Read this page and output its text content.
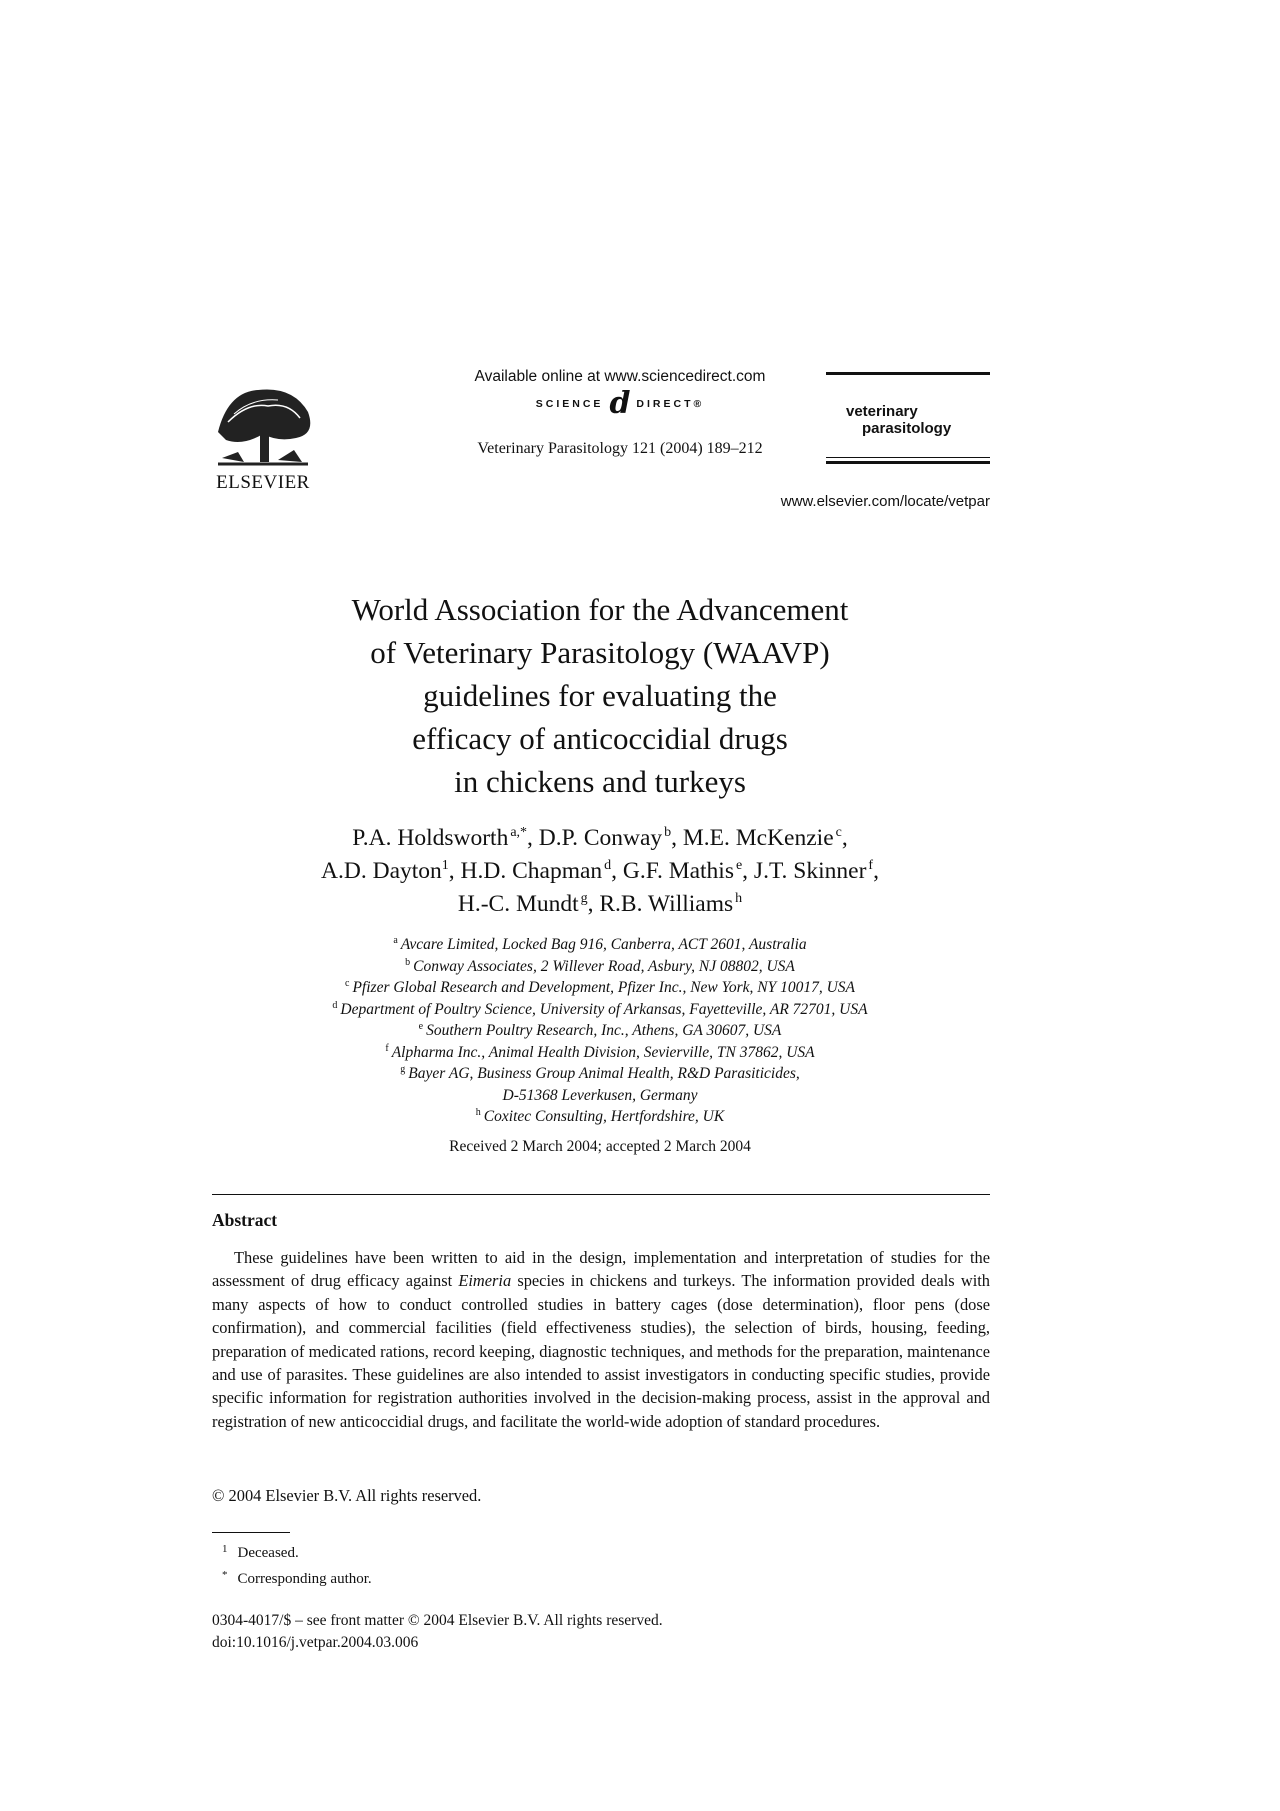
ELSEVIER
Available online at www.sciencedirect.com
SCIENCE d DIRECT®
Veterinary Parasitology 121 (2004) 189–212
veterinary
parasitology
www.elsevier.com/locate/vetpar
World Association for the Advancement
of Veterinary Parasitology (WAAVP)
guidelines for evaluating the
efficacy of anticoccidial drugs
in chickens and turkeys
P.A. Holdsworth  $^{a,*}$, D.P. Conway  $^b$, M.E. McKenzie  $^c$,
A.D. Dayton$^1$, H.D. Chapman  $^d$, G.F. Mathis  $^e$, J.T. Skinner  $^f$,
H.-C. Mundt  $^g$, R.B. Williams  $^h$
$^a$ Avcare Limited, Locked Bag 916, Canberra, ACT 2601, Australia
$^b$ Conway Associates, 2 Willever Road, Asbury, NJ 08802, USA
$^c$ Pfizer Global Research and Development, Pfizer Inc., New York, NY 10017, USA
$^d$ Department of Poultry Science, University of Arkansas, Fayetteville, AR 72701, USA
$^e$ Southern Poultry Research, Inc., Athens, GA 30607, USA
$^f$ Alpharma Inc., Animal Health Division, Sevierville, TN 37862, USA
$^g$ Bayer AG, Business Group Animal Health, R&D Parasiticides,
D-51368 Leverkusen, Germany
$^h$ Coxitec Consulting, Hertfordshire, UK
Received 2 March 2004; accepted 2 March 2004
Abstract

These guidelines have been written to aid in the design, implementation and interpretation of studies for the assessment of drug efficacy against Eimeria species in chickens and turkeys. The information provided deals with many aspects of how to conduct controlled studies in battery cages (dose determination), floor pens (dose confirmation), and commercial facilities (field effectiveness studies), the selection of birds, housing, feeding, preparation of medicated rations, record keeping, diagnostic techniques, and methods for the preparation, maintenance and use of parasites. These guidelines are also intended to assist investigators in conducting specific studies, provide specific information for registration authorities involved in the decision-making process, assist in the approval and registration of new anticoccidial drugs, and facilitate the world-wide adoption of standard procedures.

© 2004 Elsevier B.V. All rights reserved.
$^1$ Deceased.
* Corresponding author.
0304-4017/$ – see front matter © 2004 Elsevier B.V. All rights reserved.
doi:10.1016/j.vetpar.2004.03.006
